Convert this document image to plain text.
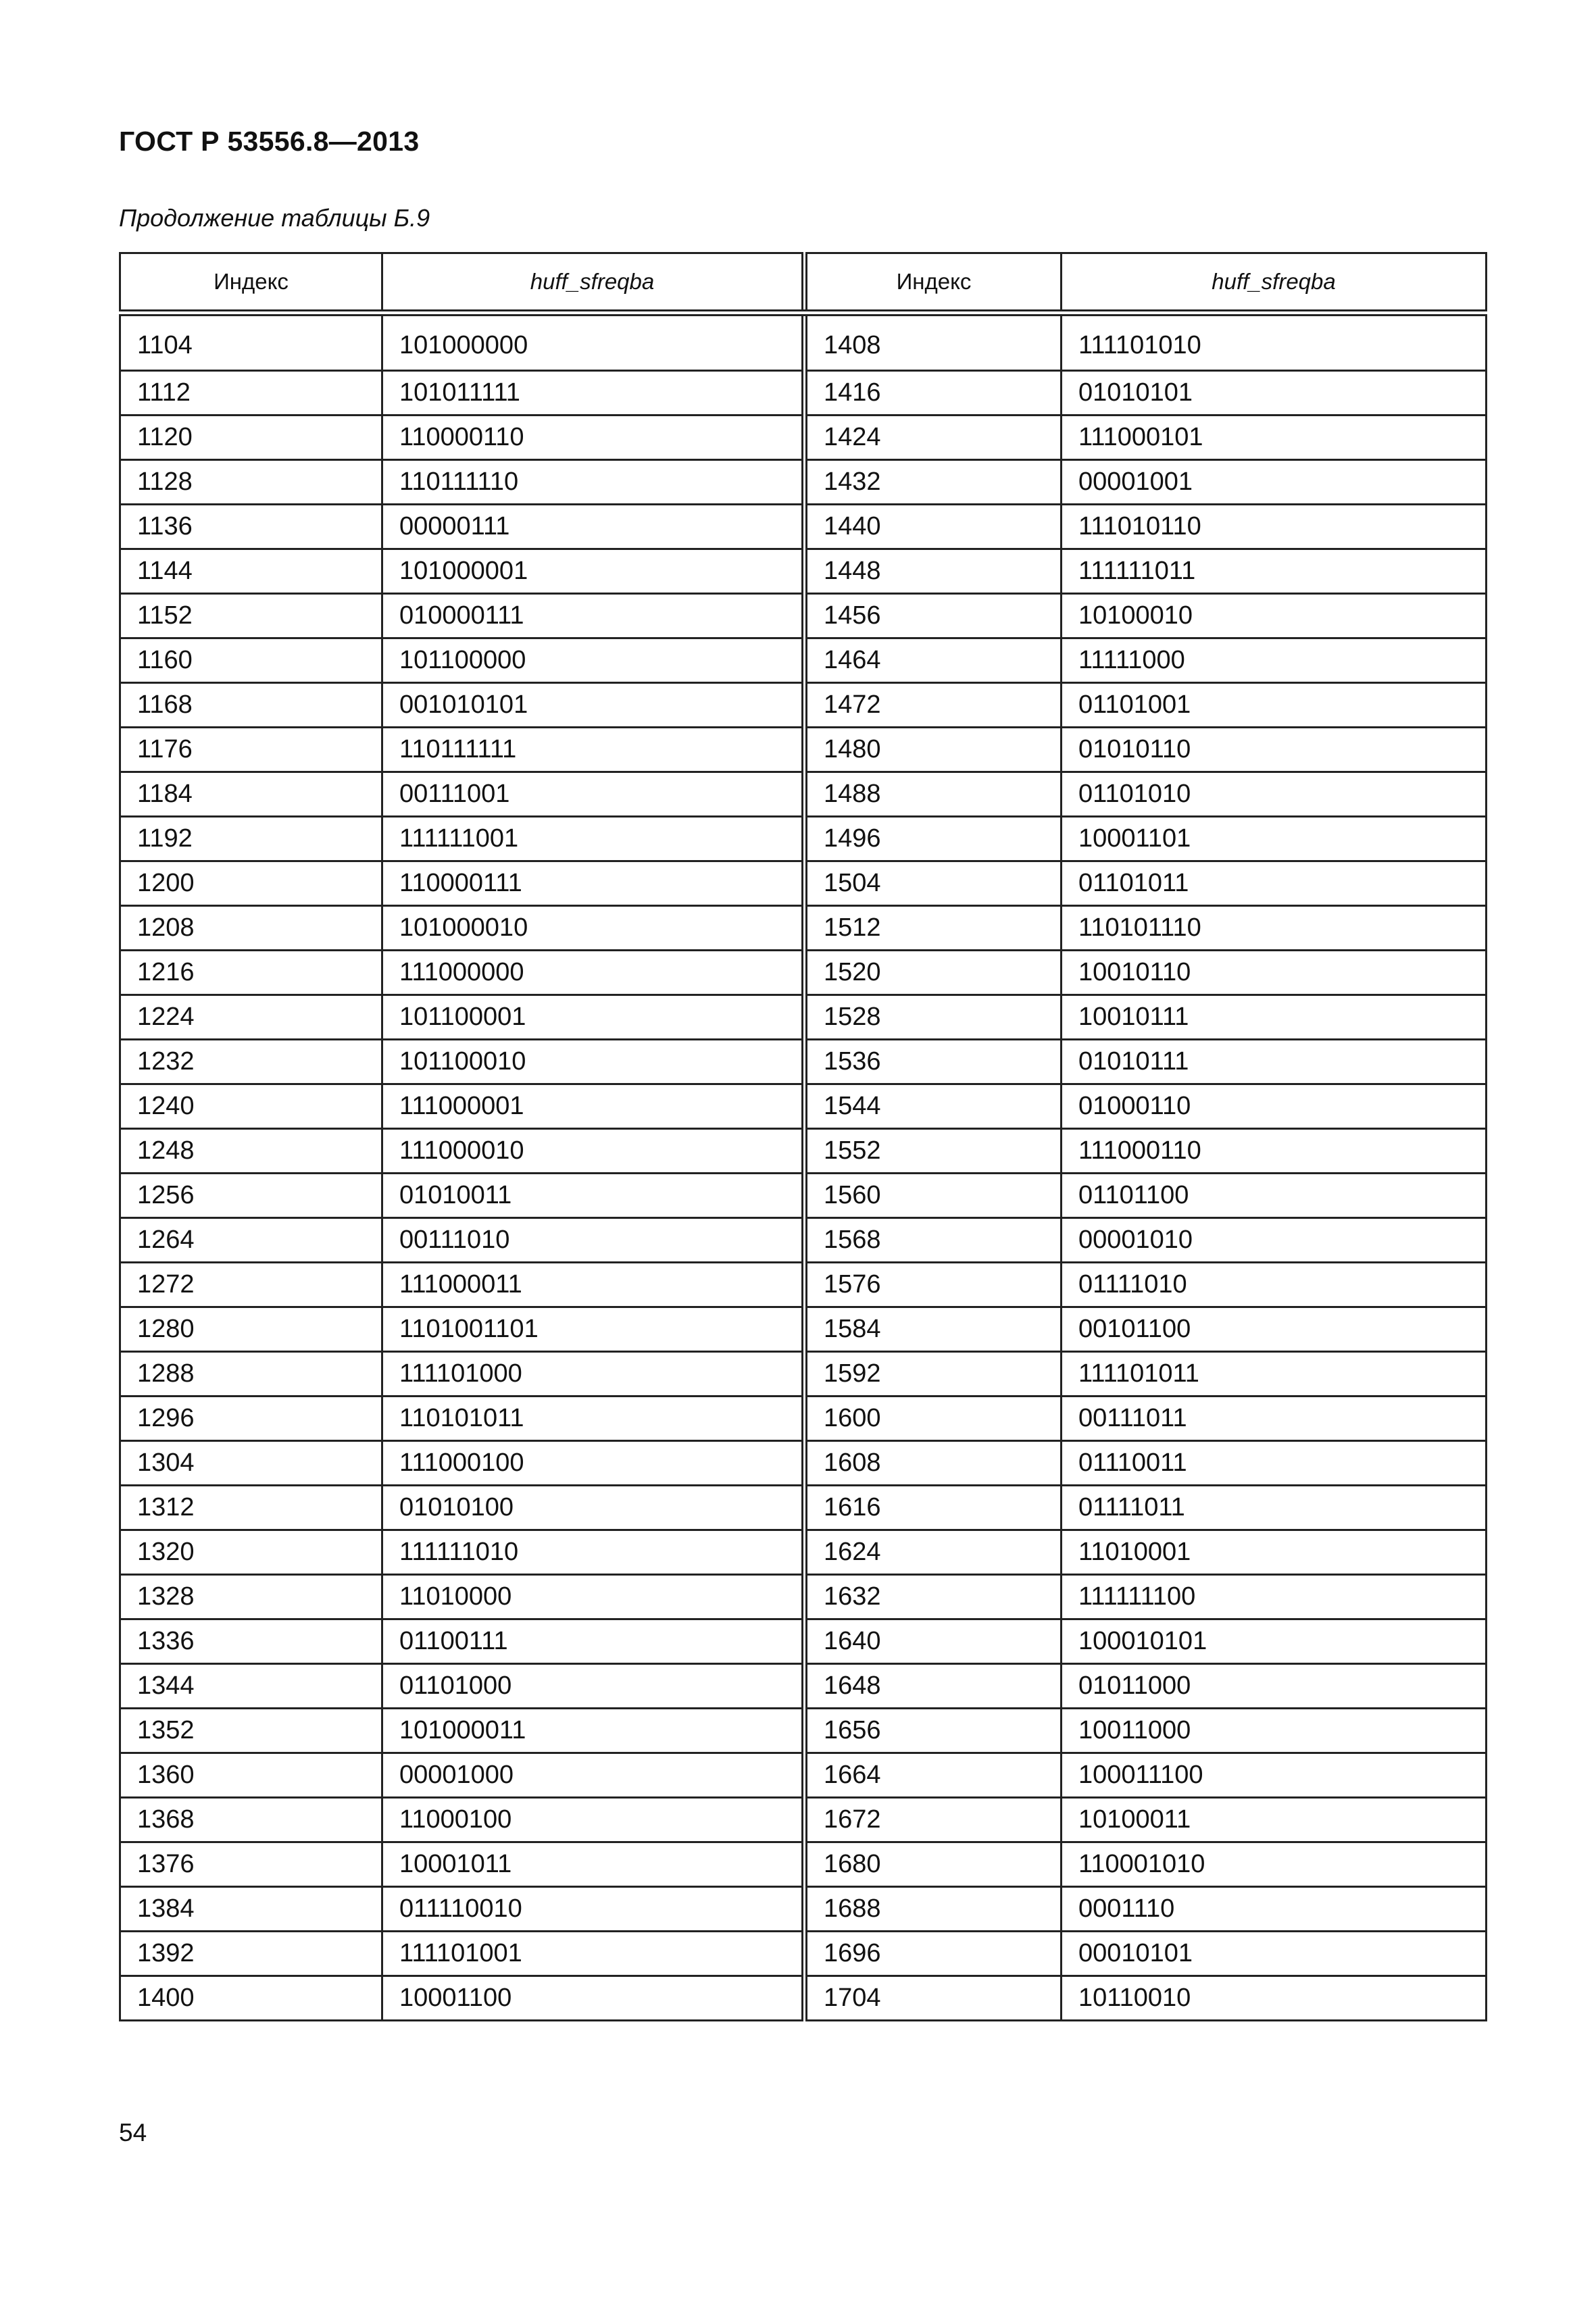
ГОСТ Р 53556.8—2013

Продолжение таблицы Б.9

Индекс	huff_sfreqba	Индекс	huff_sfreqba
1104	101000000	1408	111101010
1112	101011111	1416	01010101
1120	110000110	1424	111000101
1128	110111110	1432	00001001
1136	00000111	1440	111010110
1144	101000001	1448	111111011
1152	010000111	1456	10100010
1160	101100000	1464	11111000
1168	001010101	1472	01101001
1176	110111111	1480	01010110
1184	00111001	1488	01101010
1192	111111001	1496	10001101
1200	110000111	1504	01101011
1208	101000010	1512	110101110
1216	111000000	1520	10010110
1224	101100001	1528	10010111
1232	101100010	1536	01010111
1240	111000001	1544	01000110
1248	111000010	1552	111000110
1256	01010011	1560	01101100
1264	00111010	1568	00001010
1272	111000011	1576	01111010
1280	1101001101	1584	00101100
1288	111101000	1592	111101011
1296	110101011	1600	00111011
1304	111000100	1608	01110011
1312	01010100	1616	01111011
1320	111111010	1624	11010001
1328	11010000	1632	111111100
1336	01100111	1640	100010101
1344	01101000	1648	01011000
1352	101000011	1656	10011000
1360	00001000	1664	100011100
1368	11000100	1672	10100011
1376	10001011	1680	110001010
1384	011110010	1688	0001110
1392	111101001	1696	00010101
1400	10001100	1704	10110010

54
